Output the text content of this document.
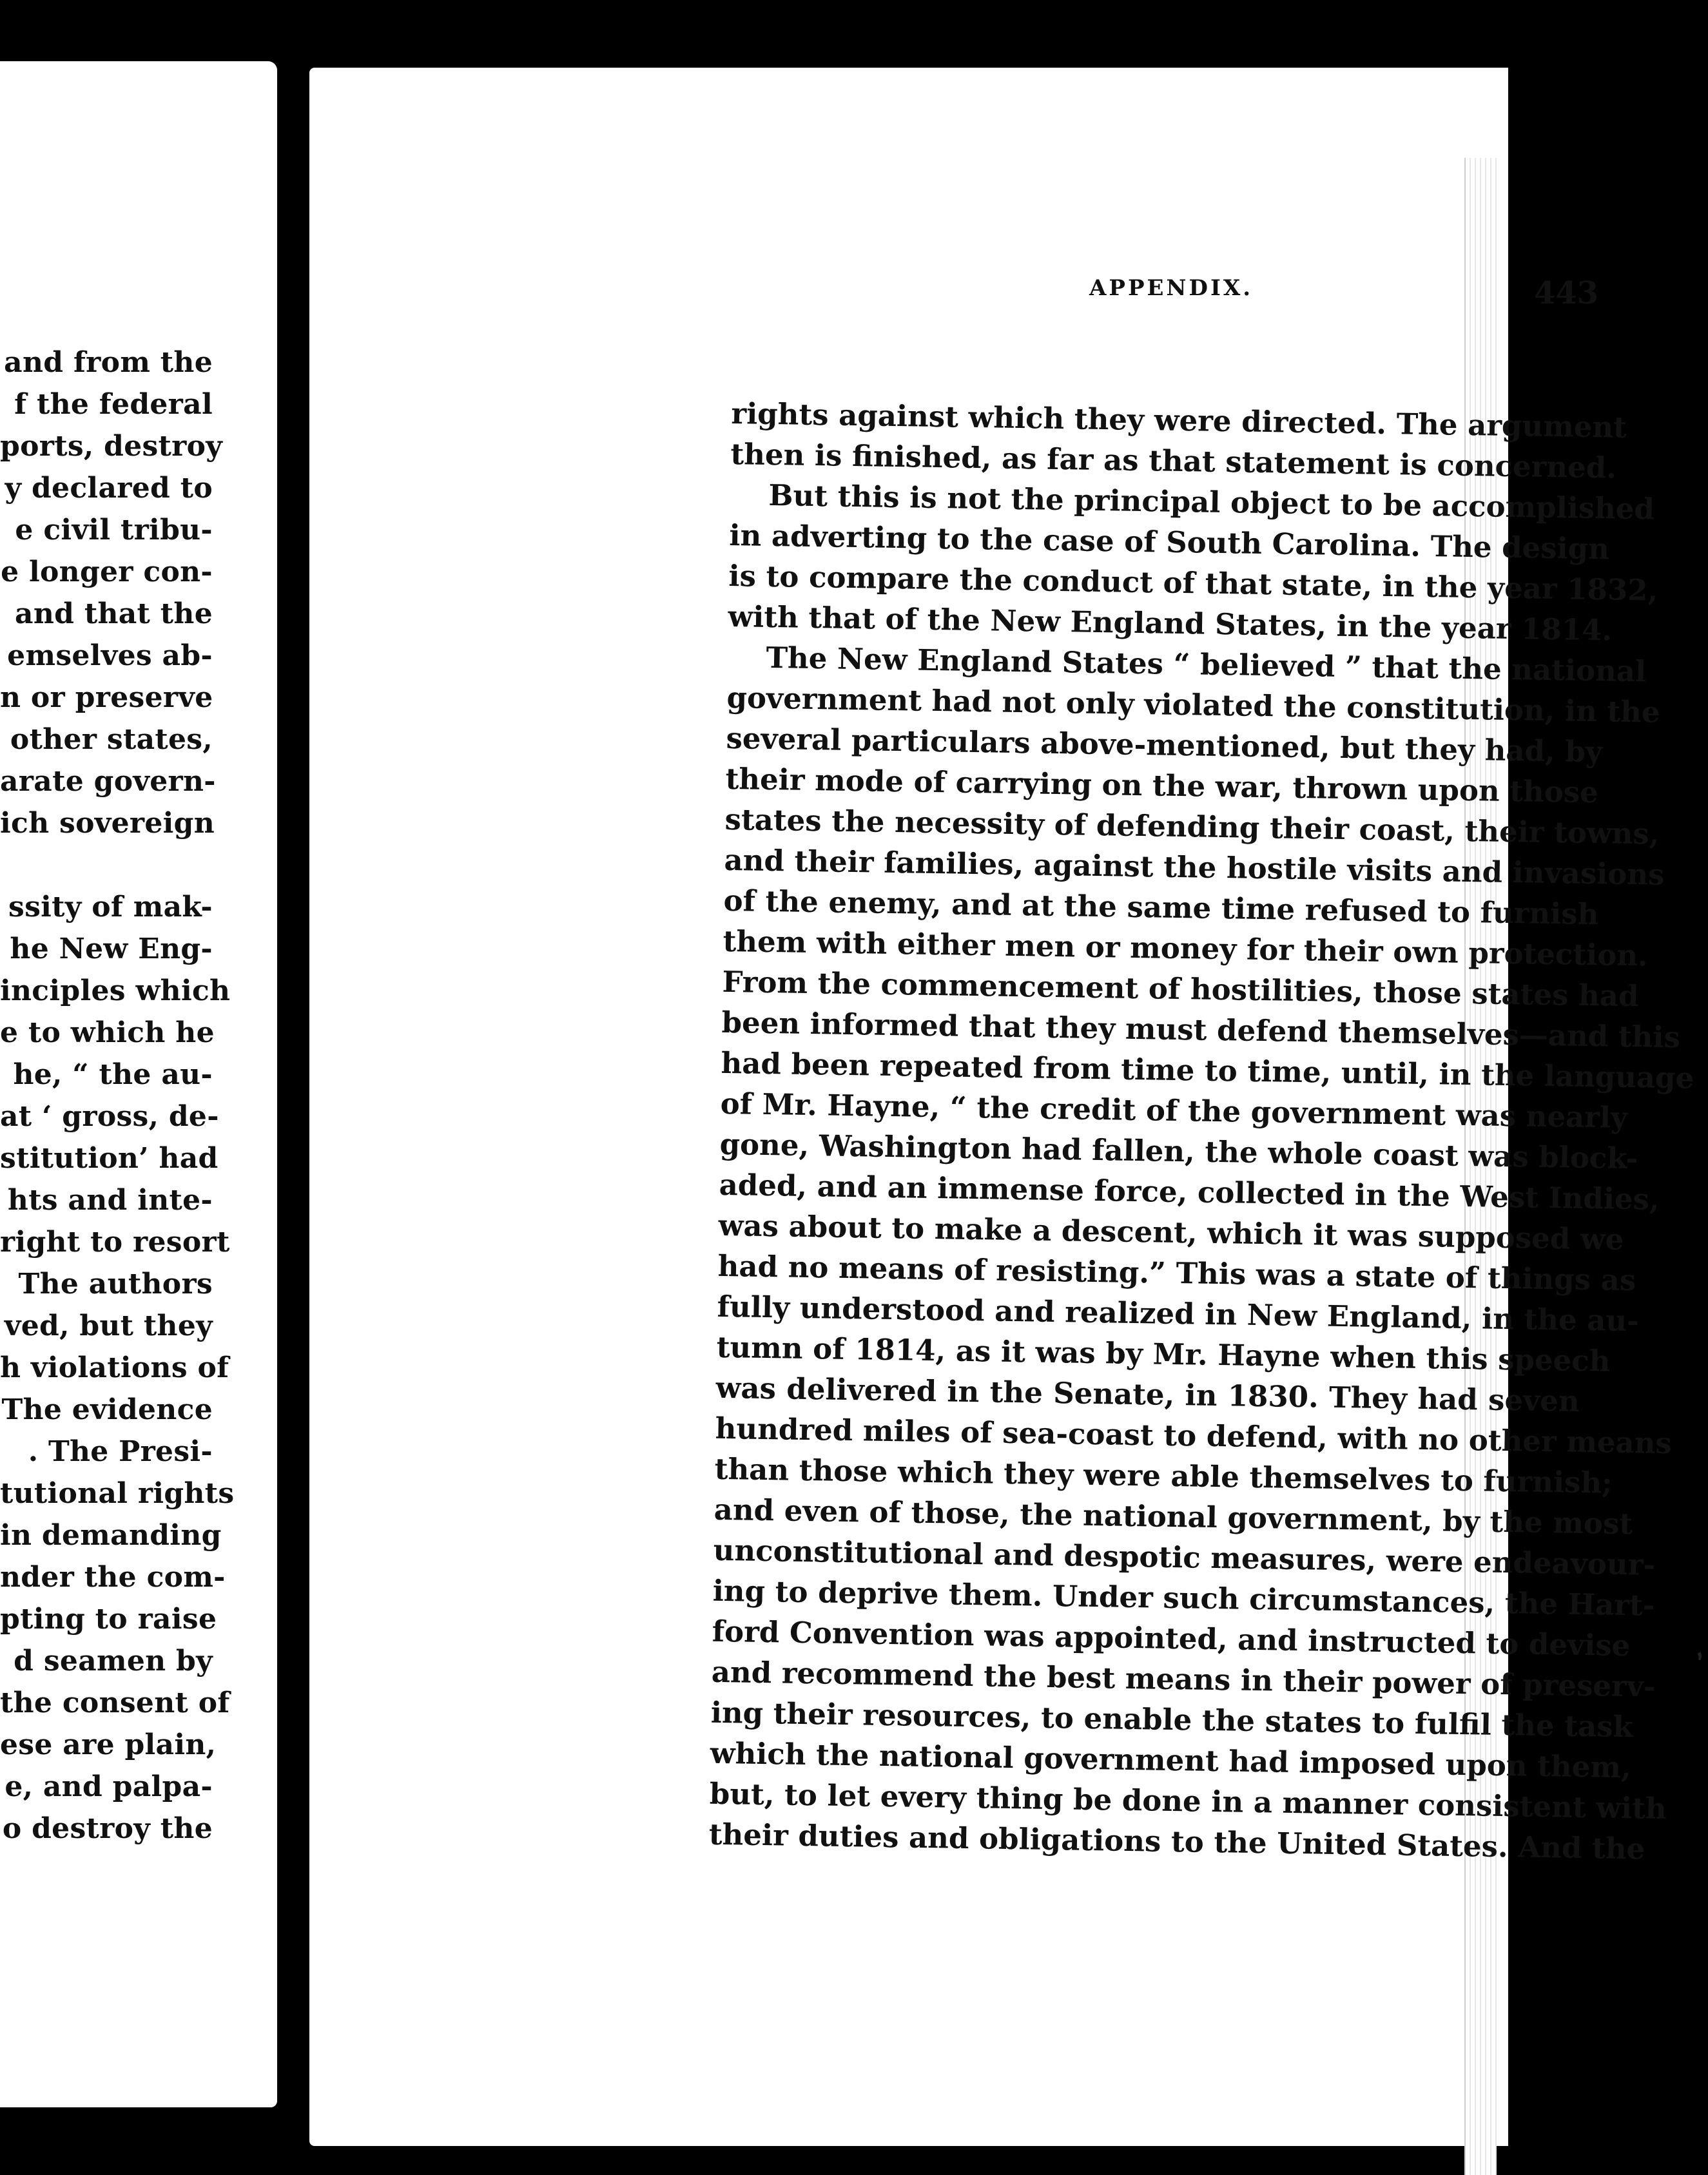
and from the
f the federal
ports, destroy
y declared to
e civil tribu-
e longer con-
and that the
emselves ab-
n or preserve
other states,
arate govern-
ich sovereign
ssity of mak-
he New Eng-
inciples which
e to which he
he, “ the au-
at ‘ gross, de-
stitution’ had
hts and inte-
right to resort
The authors
ved, but they
h violations of
The evidence
. The Presi-
tutional rights
in demanding
nder the com-
pting to raise
d seamen by
the consent of
ese are plain,
e, and palpa-
o destroy the
APPENDIX.	443
rights against which they were directed. The argument
then is finished, as far as that statement is concerned.
But this is not the principal object to be accomplished
in adverting to the case of South Carolina. The design
is to compare the conduct of that state, in the year 1832,
with that of the New England States, in the year 1814.
The New England States “ believed ” that the national
government had not only violated the constitution, in the
several particulars above-mentioned, but they had, by
their mode of carrying on the war, thrown upon those
states the necessity of defending their coast, their towns,
and their families, against the hostile visits and invasions
of the enemy, and at the same time refused to furnish
them with either men or money for their own protection.
From the commencement of hostilities, those states had
been informed that they must defend themselves—and this
had been repeated from time to time, until, in the language
of Mr. Hayne, “ the credit of the government was nearly
gone, Washington had fallen, the whole coast was block-
aded, and an immense force, collected in the West Indies,
was about to make a descent, which it was supposed we
had no means of resisting.” This was a state of things as
fully understood and realized in New England, in the au-
tumn of 1814, as it was by Mr. Hayne when this speech
was delivered in the Senate, in 1830. They had seven
hundred miles of sea-coast to defend, with no other means
than those which they were able themselves to furnish;
and even of those, the national government, by the most
unconstitutional and despotic measures, were endeavour-
ing to deprive them. Under such circumstances, the Hart-
ford Convention was appointed, and instructed to devise
and recommend the best means in their power of preserv-
ing their resources, to enable the states to fulfil the task
which the national government had imposed upon them,
but, to let every thing be done in a manner consistent with
their duties and obligations to the United States. And the
‚
